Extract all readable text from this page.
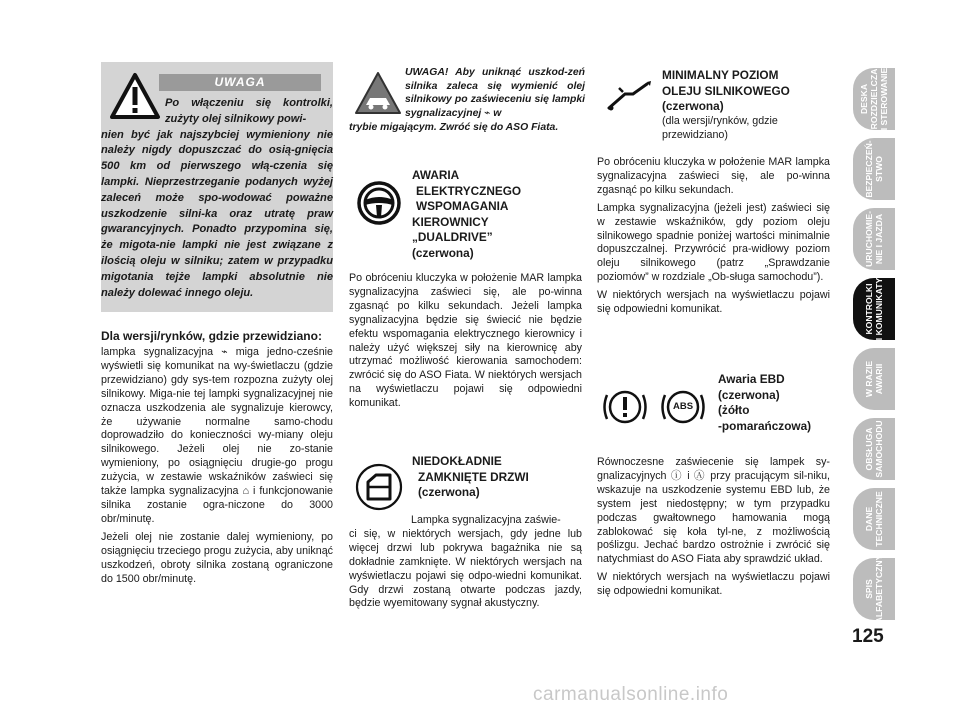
UWAGA
Po włączeniu się kontrolki, zużyty olej silnikowy powi-
nien być jak najszybciej wymieniony nie należy nigdy dopuszczać do osią-gnięcia 500 km od pierwszego włą-czenia się lampki. Nieprzestrzeganie podanych wyżej zaleceń może spo-wodować poważne uszkodzenie silni-ka oraz utratę praw gwarancyjnych. Ponadto przypomina się, że migota-nie lampki nie jest związane z ilością oleju w silniku; zatem w przypadku migotania tejże lampki absolutnie nie należy dolewać innego oleju.
Dla wersji/rynków, gdzie przewidziano:

lampka sygnalizacyjna ⌁ miga jedno-cześnie wyświetli się komunikat na wy-świetlaczu (gdzie przewidziano) gdy sys-tem rozpozna zużyty olej silnikowy. Miga-nie tej lampki sygnalizacyjnej nie oznacza uszkodzenia ale sygnalizuje kierowcy, że używanie normalne samo-chodu doprowadziło do konieczności wy-miany oleju silnikowego. Jeżeli olej nie zo-stanie wymieniony, po osiągnięciu drugie-go progu zużycia, w zestawie wskaźników zaświeci się także lampka sygnalizacyjna ⌂ i funkcjonowanie silnika zostanie ogra-niczone do 3000 obr/minutę.

Jeżeli olej nie zostanie dalej wymieniony, po osiągnięciu trzeciego progu zużycia, aby uniknąć uszkodzeń, obroty silnika zostaną ograniczone do 1500 obr/minutę.

UWAGA! Aby uniknąć uszkod-zeń silnika zaleca się wymienić olej silnikowy po zaświeceniu się lampki sygnalizacyjnej ⌁ w
trybie migającym. Zwróć się do ASO Fiata.
AWARIA
ELEKTRYCZNEGO
WSPOMAGANIA
KIEROWNICY
„DUALDRIVE”
(czerwona)
Po obróceniu kluczyka w położenie MAR lampka sygnalizacyjna zaświeci się, ale po-winna zgasnąć po kilku sekundach. Jeżeli lampka sygnalizacyjna będzie się świecić nie będzie efektu wspomagania elektrycznego kierownicy i należy użyć większej siły na kierownicę aby utrzymać możliwość kierowania samochodem: zwrócić się do ASO Fiata. W niektórych wersjach na wyświetlaczu pojawi się odpowiedni komunikat.
NIEDOKŁADNIE
ZAMKNIĘTE DRZWI
(czerwona)
Lampka sygnalizacyjna zaświe-
ci się, w niektórych wersjach, gdy jedne lub więcej drzwi lub pokrywa bagażnika nie są dokładnie zamknięte. W niektórych wersjach na wyświetlaczu pojawi się odpo-wiedni komunikat. Gdy drzwi zostaną otwarte podczas jazdy, będzie wyemitowany sygnał akustyczny.
MINIMALNY POZIOM
OLEJU SILNIKOWEGO
(czerwona)
(dla wersji/rynków, gdzie
przewidziano)

Po obróceniu kluczyka w położenie MAR lampka sygnalizacyjna zaświeci się, ale po-winna zgasnąć po kilku sekundach.

Lampka sygnalizacyjna (jeżeli jest) zaświeci się w zestawie wskaźników, gdy poziom oleju silnikowego spadnie poniżej wartości minimalnie dopuszczalnej. Przywrócić pra-widłowy poziom oleju silnikowego (patrz „Sprawdzanie poziomów” w rozdziale „Ob-sługa samochodu”).

W niektórych wersjach na wyświetlaczu pojawi się odpowiedni komunikat.

ABS
Awaria EBD
(czerwona)
(żółto
-pomarańczowa)

Równoczesne zaświecenie się lampek sy-gnalizacyjnych ⓘ i Ⓐ przy pracującym sil-niku, wskazuje na uszkodzenie systemu EBD lub, że system jest niedostępny; w tym przypadku podczas gwałtownego hamowania mogą zablokować się koła tyl-ne, z możliwością poślizgu. Jechać bardzo ostrożnie i zwrócić się natychmiast do ASO Fiata aby sprawdzić układ.

W niektórych wersjach na wyświetlaczu pojawi się odpowiedni komunikat.

DESKA ROZDZIELCZA I STEROWANIE
BEZPIECZEŃ- STWO
URUCHOMIE- NIE I JAZDA
KONTROLKI I KOMUNIKATY
W RAZIE AWARII
OBSŁUGA SAMOCHODU
DANE TECHNICZNE
SPIS ALFABETYCZNY
125
carmanualsonline.info
